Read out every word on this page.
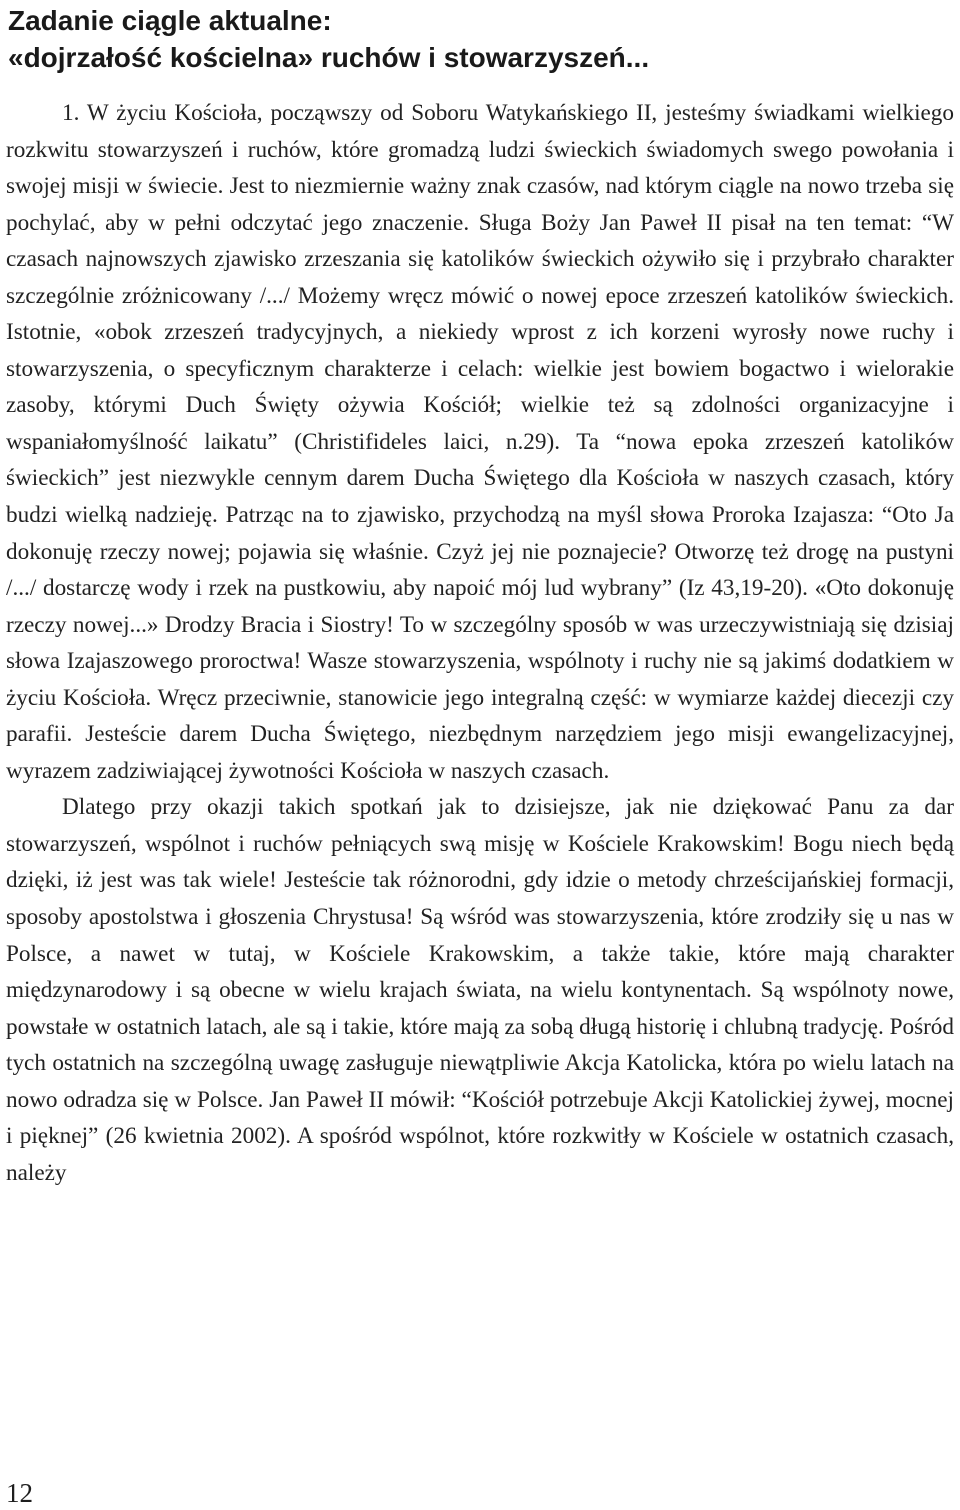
Zadanie ciągle aktualne:
«dojrzałość kościelna» ruchów i stowarzyszeń...

1. W życiu Kościoła, począwszy od Soboru Watykańskiego II, jesteśmy świadkami wielkiego rozkwitu stowarzyszeń i ruchów, które gromadzą ludzi świeckich świadomych swego powołania i swojej misji w świecie. Jest to niezmiernie ważny znak czasów, nad którym ciągle na nowo trzeba się pochylać, aby w pełni odczytać jego znaczenie. Sługa Boży Jan Paweł II pisał na ten temat: “W czasach najnowszych zjawisko zrzeszania się katolików świeckich ożywiło się i przybrało charakter szczególnie zróżnicowany /.../ Możemy wręcz mówić o nowej epoce zrzeszeń katolików świeckich. Istotnie, «obok zrzeszeń tradycyjnych, a niekiedy wprost z ich korzeni wyrosły nowe ruchy i stowarzyszenia, o specyficznym charakterze i celach: wielkie jest bowiem bogactwo i wielorakie zasoby, którymi Duch Święty ożywia Kościół; wielkie też są zdolności organizacyjne i wspaniałomyślność laikatu” (Christifideles laici, n.29). Ta “nowa epoka zrzeszeń katolików świeckich” jest niezwykle cennym darem Ducha Świętego dla Kościoła w naszych czasach, który budzi wielką nadzieję. Patrząc na to zjawisko, przychodzą na myśl słowa Proroka Izajasza: “Oto Ja dokonuję rzeczy nowej; pojawia się właśnie. Czyż jej nie poznajecie? Otworzę też drogę na pustyni /.../ dostarczę wody i rzek na pustkowiu, aby napoić mój lud wybrany” (Iz 43,19-20). «Oto dokonuję rzeczy nowej...» Drodzy Bracia i Siostry! To w szczególny sposób w was urzeczywistniają się dzisiaj słowa Izajaszowego proroctwa! Wasze stowarzyszenia, wspólnoty i ruchy nie są jakimś dodatkiem w życiu Kościoła. Wręcz przeciwnie, stanowicie jego integralną część: w wymiarze każdej diecezji czy parafii. Jesteście darem Ducha Świętego, niezbędnym narzędziem jego misji ewangelizacyjnej, wyrazem zadziwiającej żywotności Kościoła w naszych czasach.

Dlatego przy okazji takich spotkań jak to dzisiejsze, jak nie dziękować Panu za dar stowarzyszeń, wspólnot i ruchów pełniących swą misję w Kościele Krakowskim! Bogu niech będą dzięki, iż jest was tak wiele! Jesteście tak różnorodni, gdy idzie o metody chrześcijańskiej formacji, sposoby apostolstwa i głoszenia Chrystusa! Są wśród was stowarzyszenia, które zrodziły się u nas w Polsce, a nawet w tutaj, w Kościele Krakowskim, a także takie, które mają charakter międzynarodowy i są obecne w wielu krajach świata, na wielu kontynentach. Są wspólnoty nowe, powstałe w ostatnich latach, ale są i takie, które mają za sobą długą historię i chlubną tradycję. Pośród tych ostatnich na szczególną uwagę zasługuje niewątpliwie Akcja Katolicka, która po wielu latach na nowo odradza się w Polsce. Jan Paweł II mówił: “Kościół potrzebuje Akcji Katolickiej żywej, mocnej i pięknej” (26 kwietnia 2002). A spośród wspólnot, które rozkwitły w Kościele w ostatnich czasach, należy

12
